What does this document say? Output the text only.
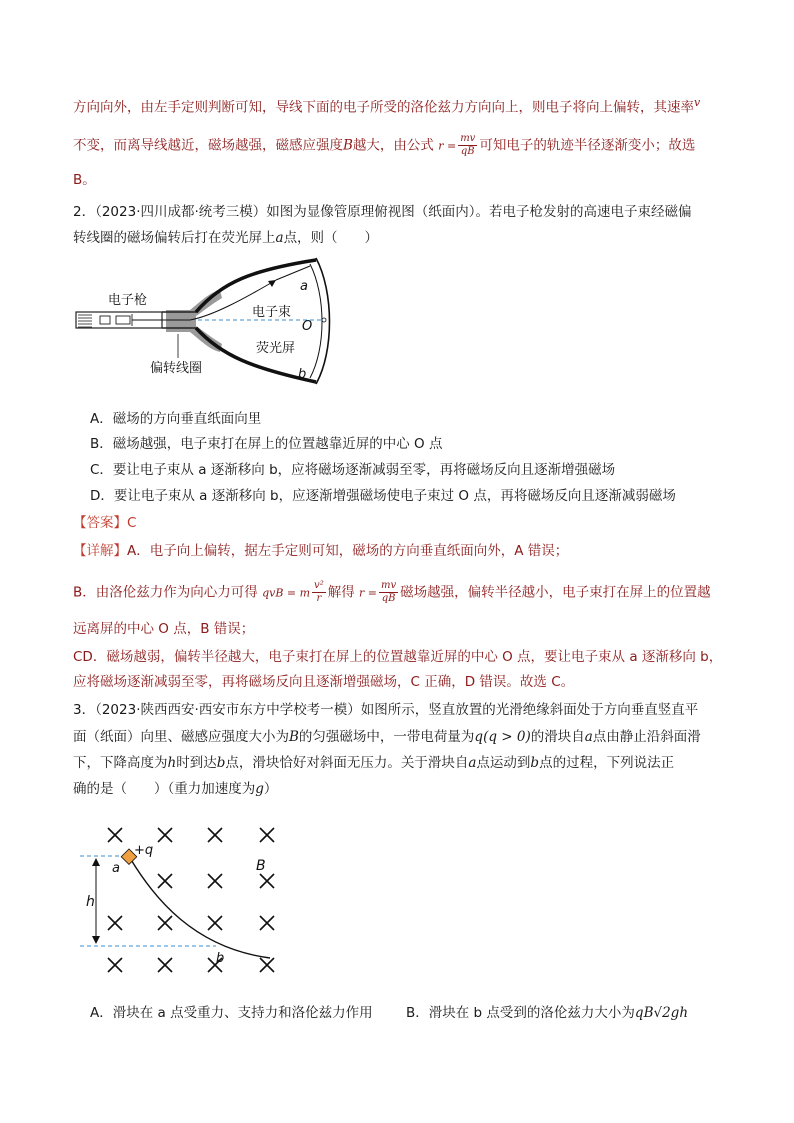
方向向外，由左手定则判断可知，导线下面的电子所受的洛伦兹力方向向上，则电子将向上偏转，其速率$^v$
不变，而离导线越近，磁场越强，磁感应强度B越大，由公式 $r = \frac{mv}{qB}$ 可知电子的轨迹半径逐渐变小；故选
B。
2．（2023·四川成都·统考三模）如图为显像管原理俯视图（纸面内）。若电子枪发射的高速电子束经磁偏
转线圈的磁场偏转后打在荧光屏上a点，则（　　）
电子枪
电子束
荧光屏
偏转线圈
a
O
b
A．磁场的方向垂直纸面向里
B．磁场越强，电子束打在屏上的位置越靠近屏的中心 O 点
C．要让电子束从 a 逐渐移向 b，应将磁场逐渐减弱至零，再将磁场反向且逐渐增强磁场
D．要让电子束从 a 逐渐移向 b，应逐渐增强磁场使电子束过 O 点，再将磁场反向且逐渐减弱磁场
【答案】C
【详解】A．电子向上偏转，据左手定则可知，磁场的方向垂直纸面向外，A 错误；
B．由洛伦兹力作为向心力可得 qvB = m $\frac{\text{v²}}{r}$ 解得 $r = \frac{mv}{qB}$ 磁场越强，偏转半径越小，电子束打在屏上的位置越
远离屏的中心 O 点，B 错误；
CD．磁场越弱，偏转半径越大，电子束打在屏上的位置越靠近屏的中心 O 点，要让电子束从 a 逐渐移向 b，
应将磁场逐渐减弱至零，再将磁场反向且逐渐增强磁场，C 正确，D 错误。故选 C。
3．（2023·陕西西安·西安市东方中学校考一模）如图所示，竖直放置的光滑绝缘斜面处于方向垂直竖直平
面（纸面）向里、磁感应强度大小为B的匀强磁场中，一带电荷量为q(q > 0)的滑块自a点由静止沿斜面滑
下，下降高度为h时到达b点，滑块恰好对斜面无压力。关于滑块自a点运动到b点的过程，下列说法正
确的是（　　）（重力加速度为g）
h
+q
a
b
B
A．滑块在 a 点受重力、支持力和洛伦兹力作用 B．滑块在 b 点受到的洛伦兹力大小为qB√2gh
